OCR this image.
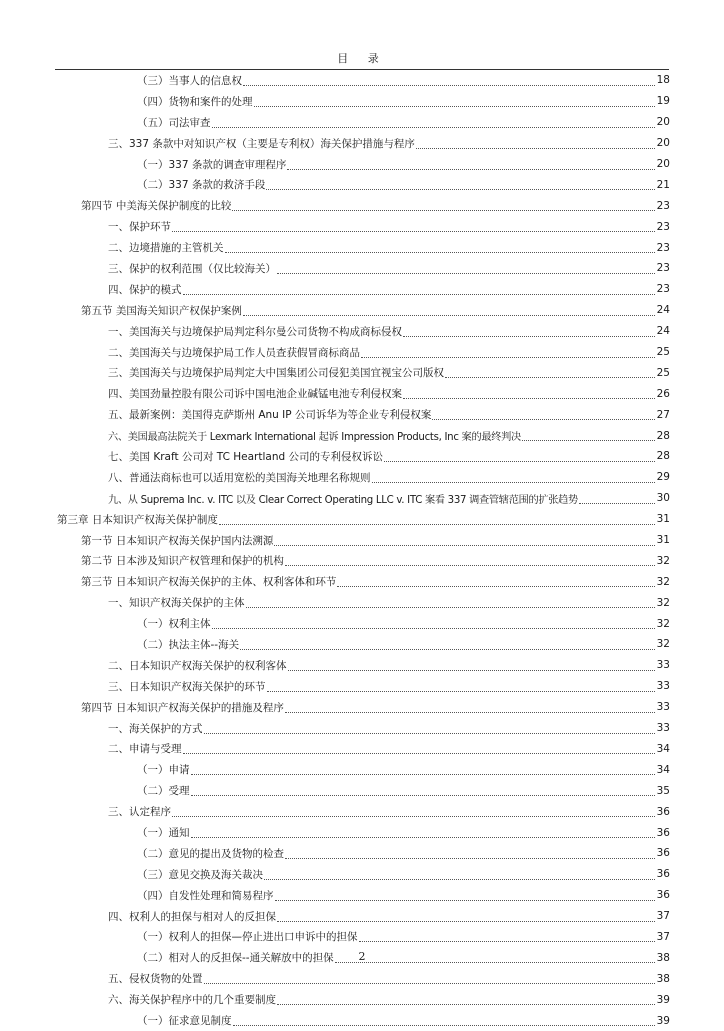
目 录
（三）当事人的信息权	18
（四）货物和案件的处理	19
（五）司法审查	20
三、337 条款中对知识产权（主要是专利权）海关保护措施与程序	20
（一）337 条款的调查审理程序	20
（二）337 条款的救济手段	21
第四节 中美海关保护制度的比较	23
一、保护环节	23
二、边境措施的主管机关	23
三、保护的权利范围（仅比较海关）	23
四、保护的模式	23
第五节 美国海关知识产权保护案例	24
一、美国海关与边境保护局判定科尔曼公司货物不构成商标侵权	24
二、美国海关与边境保护局工作人员查获假冒商标商品	25
三、美国海关与边境保护局判定大中国集团公司侵犯美国宜视宝公司版权	25
四、美国劲量控股有限公司诉中国电池企业碱锰电池专利侵权案	26
五、最新案例：美国得克萨斯州 Anu IP 公司诉华为等企业专利侵权案	27
六、美国最高法院关于 Lexmark International 起诉 Impression Products, Inc 案的最终判决	28
七、美国 Kraft 公司对 TC Heartland 公司的专利侵权诉讼	28
八、普通法商标也可以适用宽松的美国海关地理名称规则	29
九、从 Suprema Inc. v. ITC 以及 Clear Correct Operating LLC v. ITC 案看 337 调查管辖范围的扩张趋势	30
第三章 日本知识产权海关保护制度	31
第一节 日本知识产权海关保护国内法溯源	31
第二节 日本涉及知识产权管理和保护的机构	32
第三节 日本知识产权海关保护的主体、权利客体和环节	32
一、知识产权海关保护的主体	32
（一）权利主体	32
（二）执法主体--海关	32
二、日本知识产权海关保护的权利客体	33
三、日本知识产权海关保护的环节	33
第四节 日本知识产权海关保护的措施及程序	33
一、海关保护的方式	33
二、申请与受理	34
（一）申请	34
（二）受理	35
三、认定程序	36
（一）通知	36
（二）意见的提出及货物的检查	36
（三）意见交换及海关裁决	36
（四）自发性处理和简易程序	36
四、权利人的担保与相对人的反担保	37
（一）权利人的担保—停止进出口申诉中的担保	37
（二）相对人的反担保--通关解放中的担保	38
五、侵权货物的处置	38
六、海关保护程序中的几个重要制度	39
（一）征求意见制度	39
2
